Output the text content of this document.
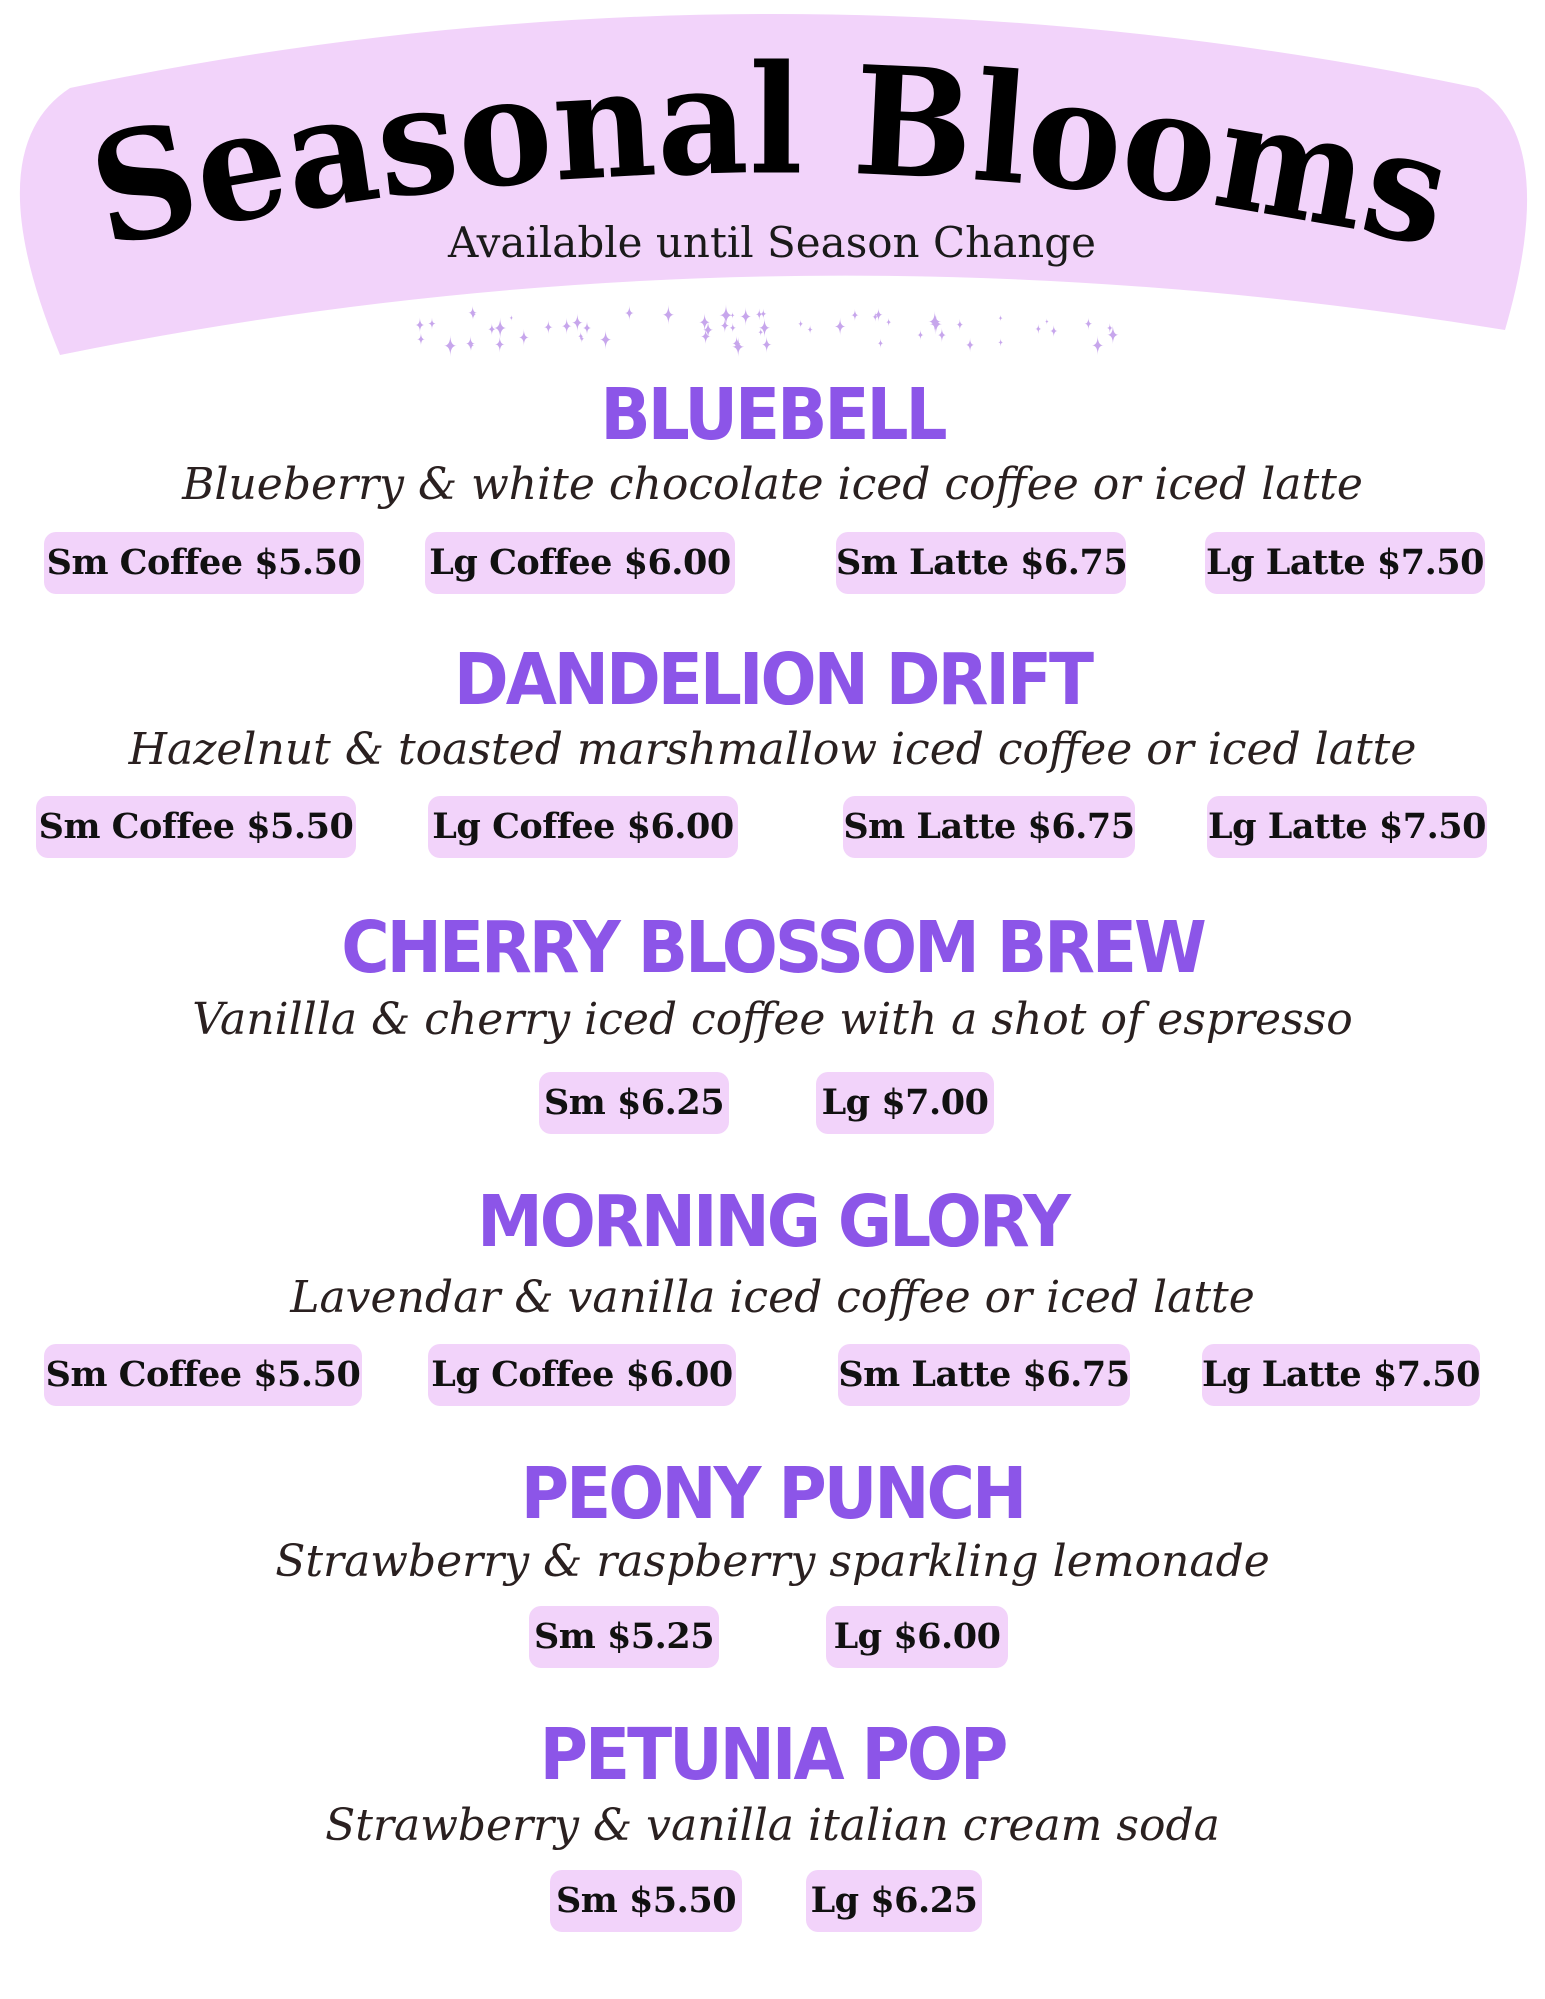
Seasonal Blooms
Available until Season Change
BLUEBELL
Blueberry & white chocolate iced coffee or iced latte
Sm Coffee $5.50 Lg Coffee $6.00	Sm Latte $6.75 Lg Latte $7.50
DANDELION DRIFT
Hazelnut & toasted marshmallow iced coffee or iced latte
Sm Coffee $5.50 Lg Coffee $6.00	Sm Latte $6.75 Lg Latte $7.50
CHERRY BLOSSOM BREW
Vanillla & cherry iced coffee with a shot of espresso
Sm $6.25	Lg $7.00
MORNING GLORY
Lavendar & vanilla iced coffee or iced latte
Sm Coffee $5.50 Lg Coffee $6.00	Sm Latte $6.75 Lg Latte $7.50
PEONY PUNCH
Strawberry & raspberry sparkling lemonade
Sm $5.25	Lg $6.00
PETUNIA POP
Strawberry & vanilla italian cream soda
Sm $5.50 Lg $6.25
